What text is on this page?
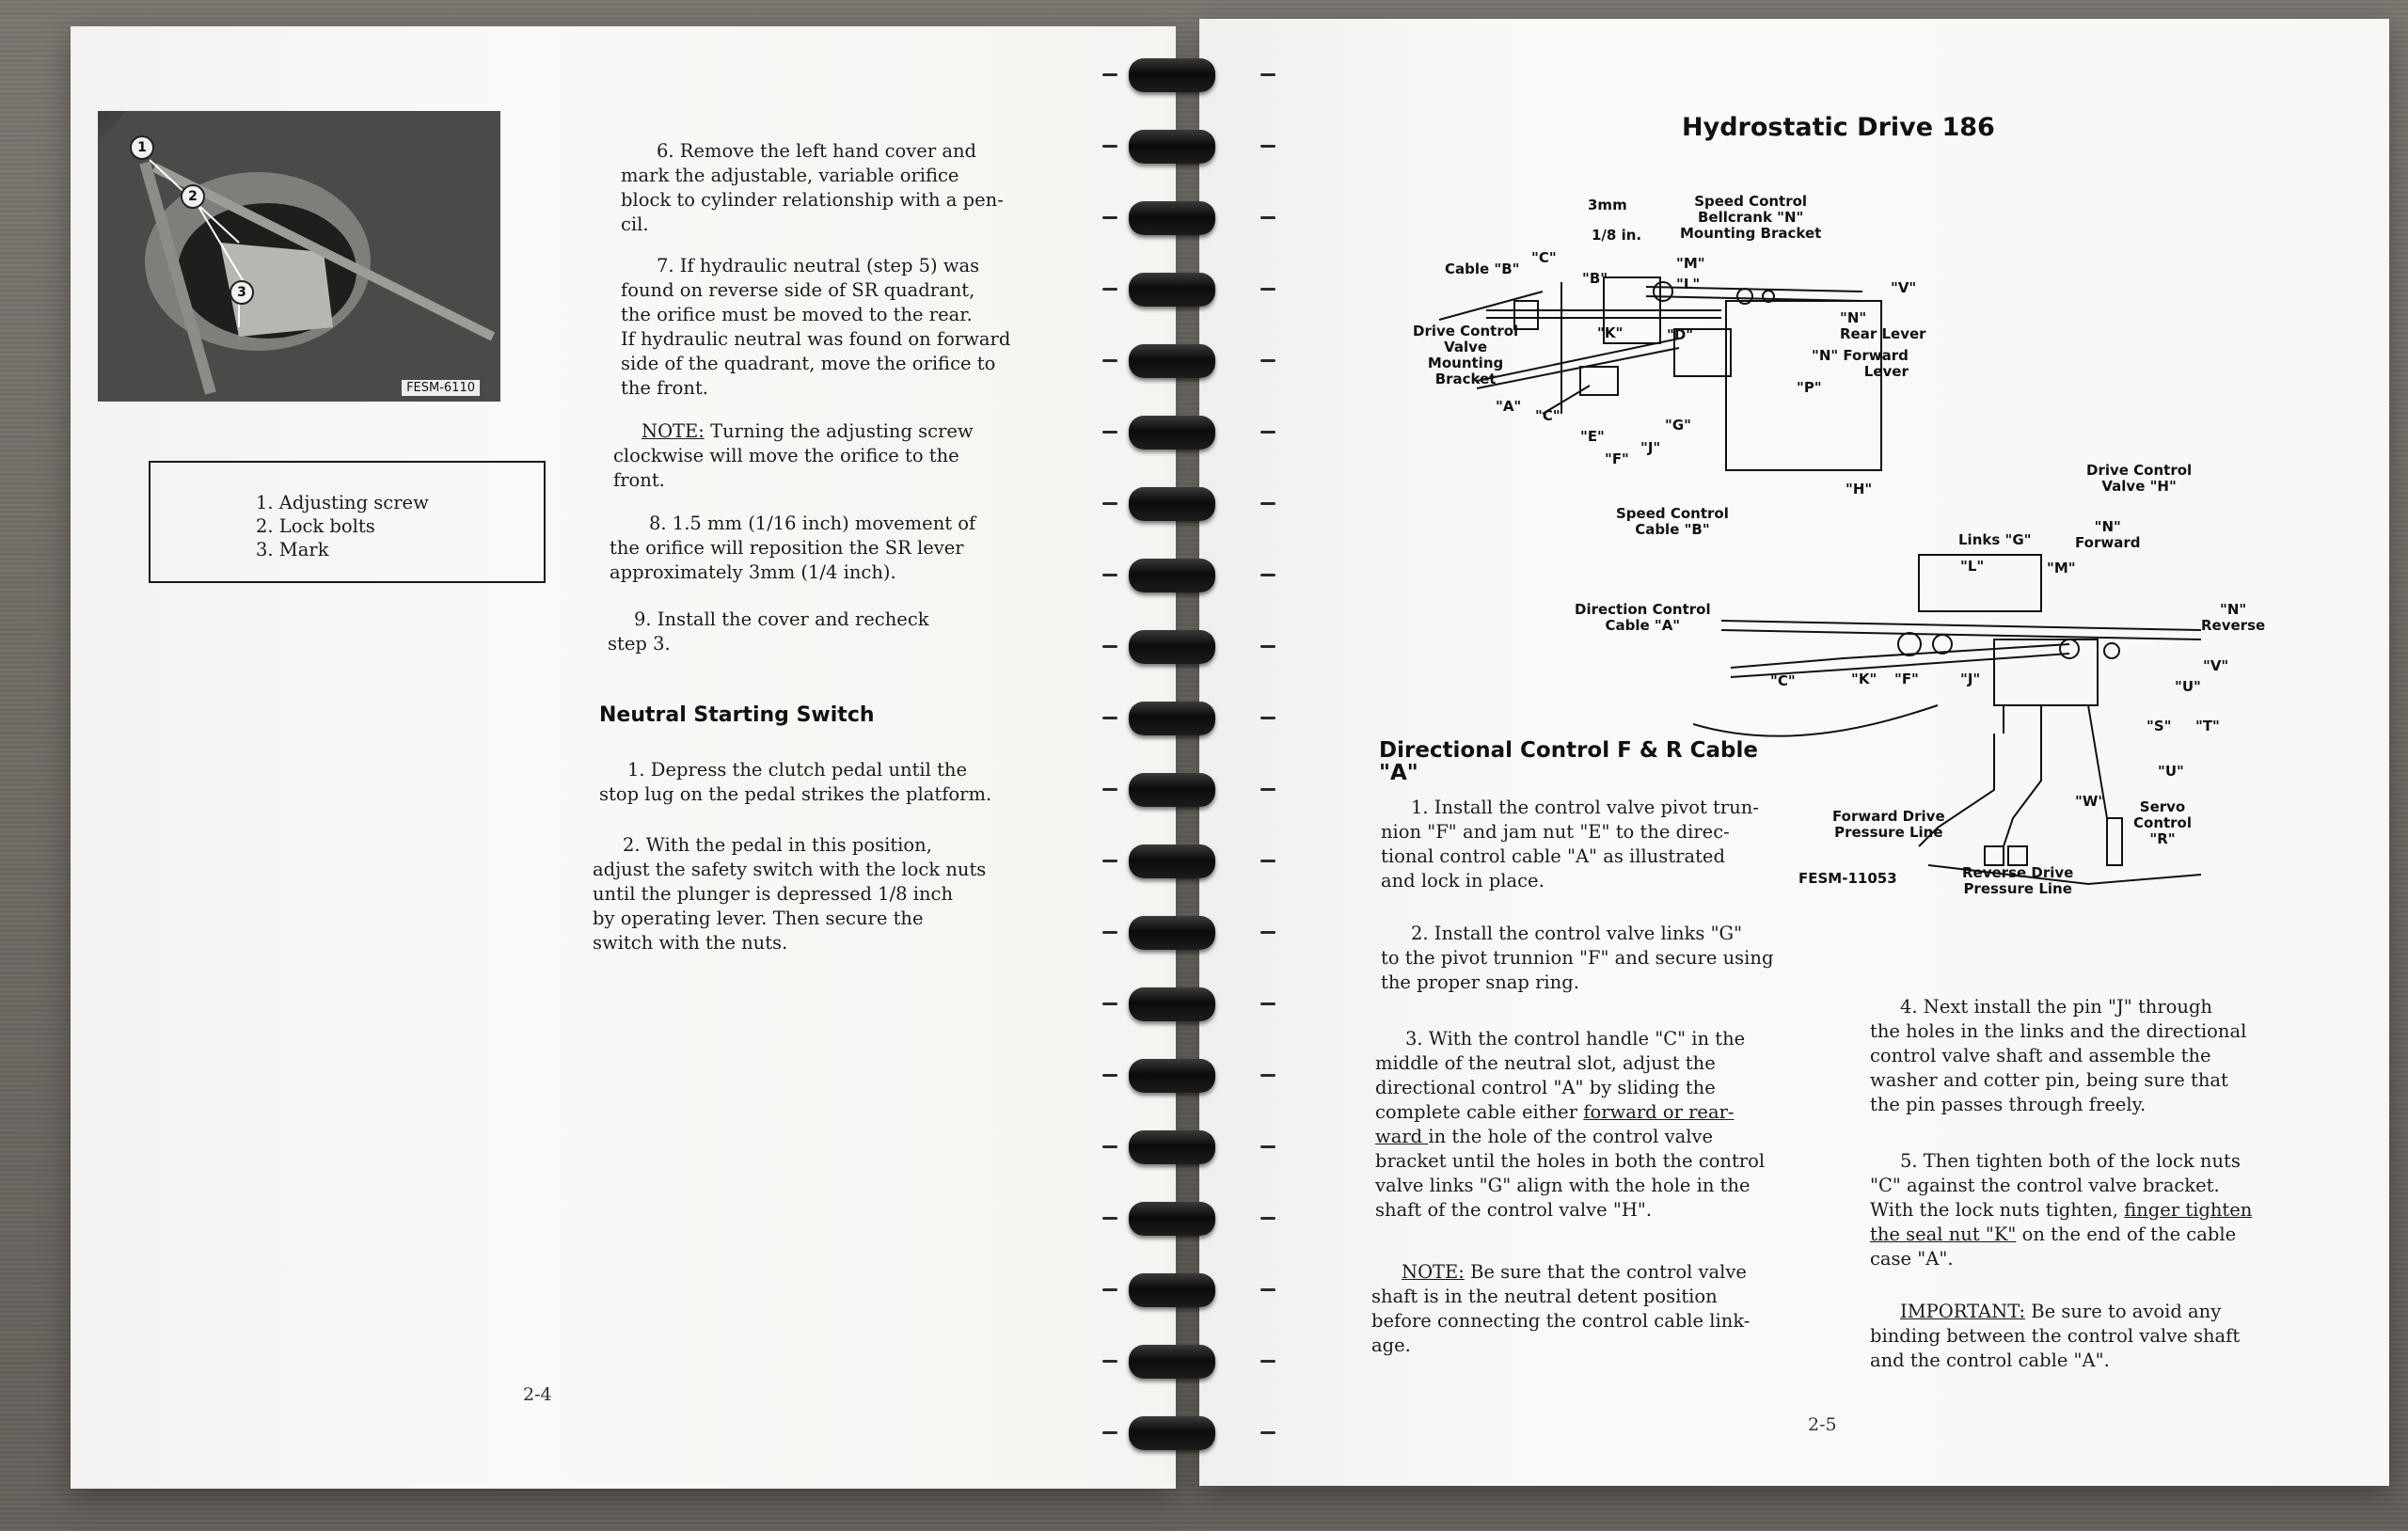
1
2
3
FESM-6110
1. Adjusting screw
2. Lock bolts
3. Mark
6. Remove the left hand cover and
mark the adjustable, variable orifice
block to cylinder relationship with a pen-
cil.
7. If hydraulic neutral (step 5) was
found on reverse side of SR quadrant,
the orifice must be moved to the rear.
If hydraulic neutral was found on forward
side of the quadrant, move the orifice to
the front.
NOTE: Turning the adjusting screw
clockwise will move the orifice to the
front.
8. 1.5 mm (1/16 inch) movement of
the orifice will reposition the SR lever
approximately 3mm (1/4 inch).
9. Install the cover and recheck
step 3.
Neutral Starting Switch
1. Depress the clutch pedal until the
stop lug on the pedal strikes the platform.
2. With the pedal in this position,
adjust the safety switch with the lock nuts
until the plunger is depressed 1/8 inch
by operating lever. Then secure the
switch with the nuts.
2-4
Hydrostatic Drive 186
3mm
1/8 in.
Speed Control
Bellcrank "N"
Mounting Bracket
Cable "B"
"C"
"B"
"M"
"L"	"V"
Drive Control
Valve
Mounting
Bracket
"K"	"D"
"N"
Rear Lever
"N" Forward
Lever
"P"
"A"
"C"
"E"
"G"
"F"
"J"
"H"
Drive Control
Valve "H"
Speed Control
Cable "B"
Links "G"
"N"
Forward
"L"	"M"
Direction Control
Cable "A"
"N"
Reverse
"V"
"C"	"K" "F"	"J"	"U"
"S" "T"
"U"
"W"	Servo
Control
"R"
Forward Drive
Pressure Line
FESM-11053	Reverse Drive
Pressure Line
Directional Control F & R Cable
"A"
1. Install the control valve pivot trun-
nion "F" and jam nut "E" to the direc-
tional control cable "A" as illustrated
and lock in place.
2. Install the control valve links "G"
to the pivot trunnion "F" and secure using
the proper snap ring.
3. With the control handle "C" in the
middle of the neutral slot, adjust the
directional control "A" by sliding the
complete cable either forward or rear-
ward in the hole of the control valve
bracket until the holes in both the control
valve links "G" align with the hole in the
shaft of the control valve "H".
NOTE: Be sure that the control valve
shaft is in the neutral detent position
before connecting the control cable link-
age.
4. Next install the pin "J" through
the holes in the links and the directional
control valve shaft and assemble the
washer and cotter pin, being sure that
the pin passes through freely.
5. Then tighten both of the lock nuts
"C" against the control valve bracket.
With the lock nuts tighten, finger tighten
the seal nut "K" on the end of the cable
case "A".
IMPORTANT: Be sure to avoid any
binding between the control valve shaft
and the control cable "A".
2-5
